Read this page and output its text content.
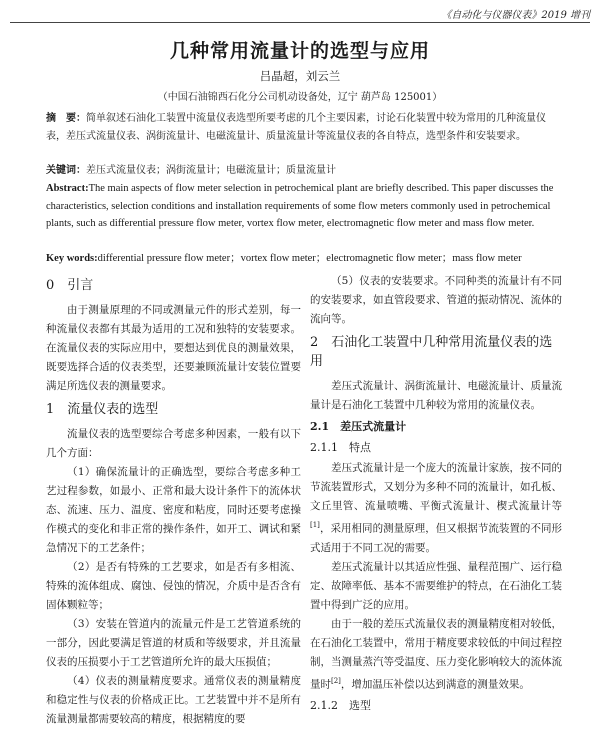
《自动化与仪器仪表》2019 增刊
几种常用流量计的选型与应用
吕晶超，刘云兰
（中国石油锦西石化分公司机动设备处，辽宁 葫芦岛 125001）
摘　要：简单叙述石油化工装置中流量仪表选型所要考虑的几个主要因素，讨论石化装置中较为常用的几种流量仪表，差压式流量仪表、涡街流量计、电磁流量计、质量流量计等流量仪表的各自特点，选型条件和安装要求。
关键词：差压式流量仪表；涡街流量计；电磁流量计；质量流量计
Abstract:The main aspects of flow meter selection in petrochemical plant are briefly described. This paper discusses the characteristics, selection conditions and installation requirements of some flow meters commonly used in petrochemical plants, such as differential pressure flow meter, vortex flow meter, electromagnetic flow meter and mass flow meter.
Key words:differential pressure flow meter；vortex flow meter；electromagnetic flow meter；mass flow meter
0　引言

由于测量原理的不同或测量元件的形式差别，每一种流量仪表都有其最为适用的工况和独特的安装要求。在流量仪表的实际应用中，要想达到优良的测量效果，既要选择合适的仪表类型，还要兼顾流量计安装位置要满足所选仪表的测量要求。

1　流量仪表的选型

流量仪表的选型要综合考虑多种因素，一般有以下几个方面：

（1）确保流量计的正确选型，要综合考虑多种工艺过程参数，如最小、正常和最大设计条件下的流体状态、流速、压力、温度、密度和粘度，同时还要考虑操作模式的变化和非正常的操作条件，如开工、调试和紧急情况下的工艺条件；

（2）是否有特殊的工艺要求，如是否有多相流、特殊的流体组成、腐蚀、侵蚀的情况，介质中是否含有固体颗粒等；

（3）安装在管道内的流量元件是工艺管道系统的一部分，因此要满足管道的材质和等级要求，并且流量仪表的压损要小于工艺管道所允许的最大压损值；

（4）仪表的测量精度要求。通常仪表的测量精度和稳定性与仪表的价格成正比。工艺装置中并不是所有流量测量都需要较高的精度，根据精度的要

（5）仪表的安装要求。不同种类的流量计有不同的安装要求，如直管段要求、管道的振动情况、流体的流向等。

2　石油化工装置中几种常用流量仪表的选用

差压式流量计、涡街流量计、电磁流量计、质量流量计是石油化工装置中几种较为常用的流量仪表。

2.1　差压式流量计
2.1.1　特点

差压式流量计是一个庞大的流量计家族，按不同的节流装置形式，又划分为多种不同的流量计，如孔板、文丘里管、流量喷嘴、平衡式流量计、楔式流量计等[1]，采用相同的测量原理，但又根据节流装置的不同形式适用于不同工况的需要。

差压式流量计以其适应性强、量程范围广、运行稳定、故障率低、基本不需要维护的特点，在石油化工装置中得到广泛的应用。

由于一般的差压式流量仪表的测量精度相对较低，在石油化工装置中，常用于精度要求较低的中间过程控制，当测量蒸汽等受温度、压力变化影响较大的流体流量时[2]，增加温压补偿以达到满意的测量效果。

2.1.2　选型
